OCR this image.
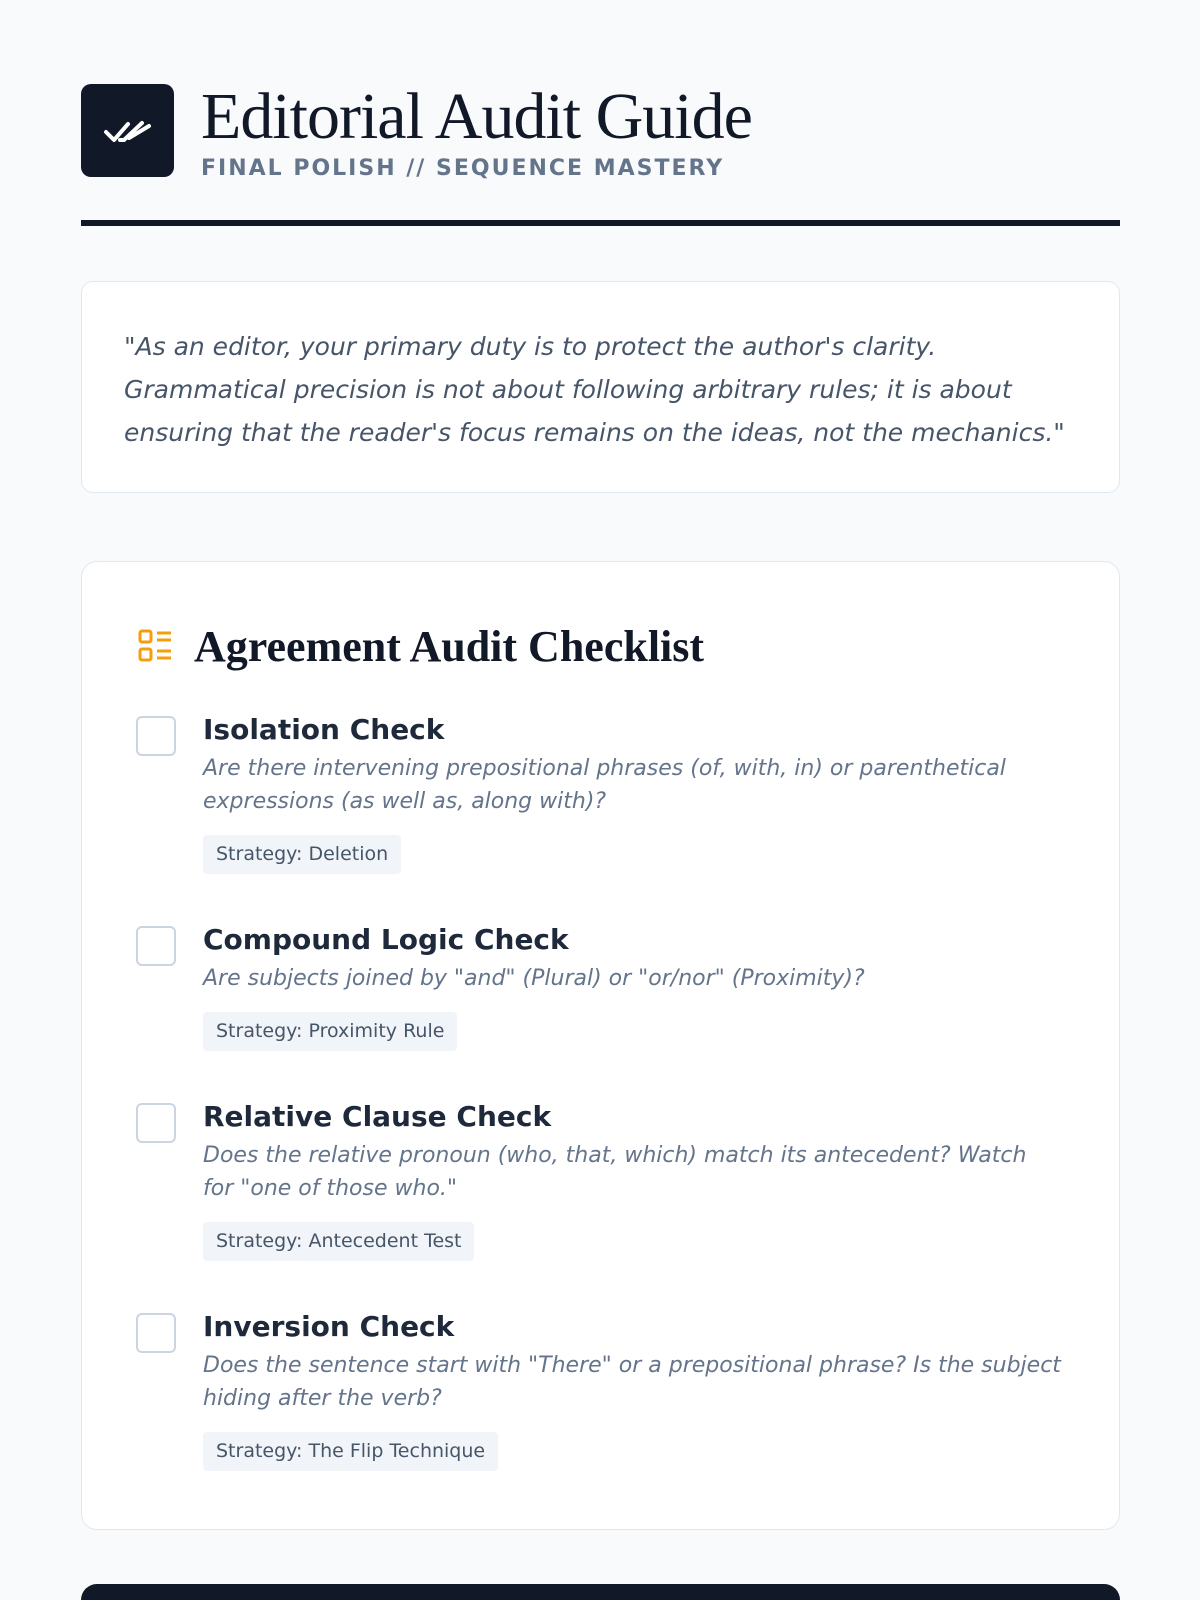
Editorial Audit Guide
FINAL POLISH // SEQUENCE MASTERY

"As an editor, your primary duty is to protect the author's clarity. Grammatical precision is not about following arbitrary rules; it is about ensuring that the reader's focus remains on the ideas, not the mechanics."

Agreement Audit Checklist
Isolation Check
Are there intervening prepositional phrases (of, with, in) or parenthetical expressions (as well as, along with)?
Strategy: Deletion
Compound Logic Check
Are subjects joined by "and" (Plural) or "or/nor" (Proximity)?
Strategy: Proximity Rule
Relative Clause Check
Does the relative pronoun (who, that, which) match its antecedent? Watch for "one of those who."
Strategy: Antecedent Test
Inversion Check
Does the sentence start with "There" or a prepositional phrase? Is the subject hiding after the verb?
Strategy: The Flip Technique
